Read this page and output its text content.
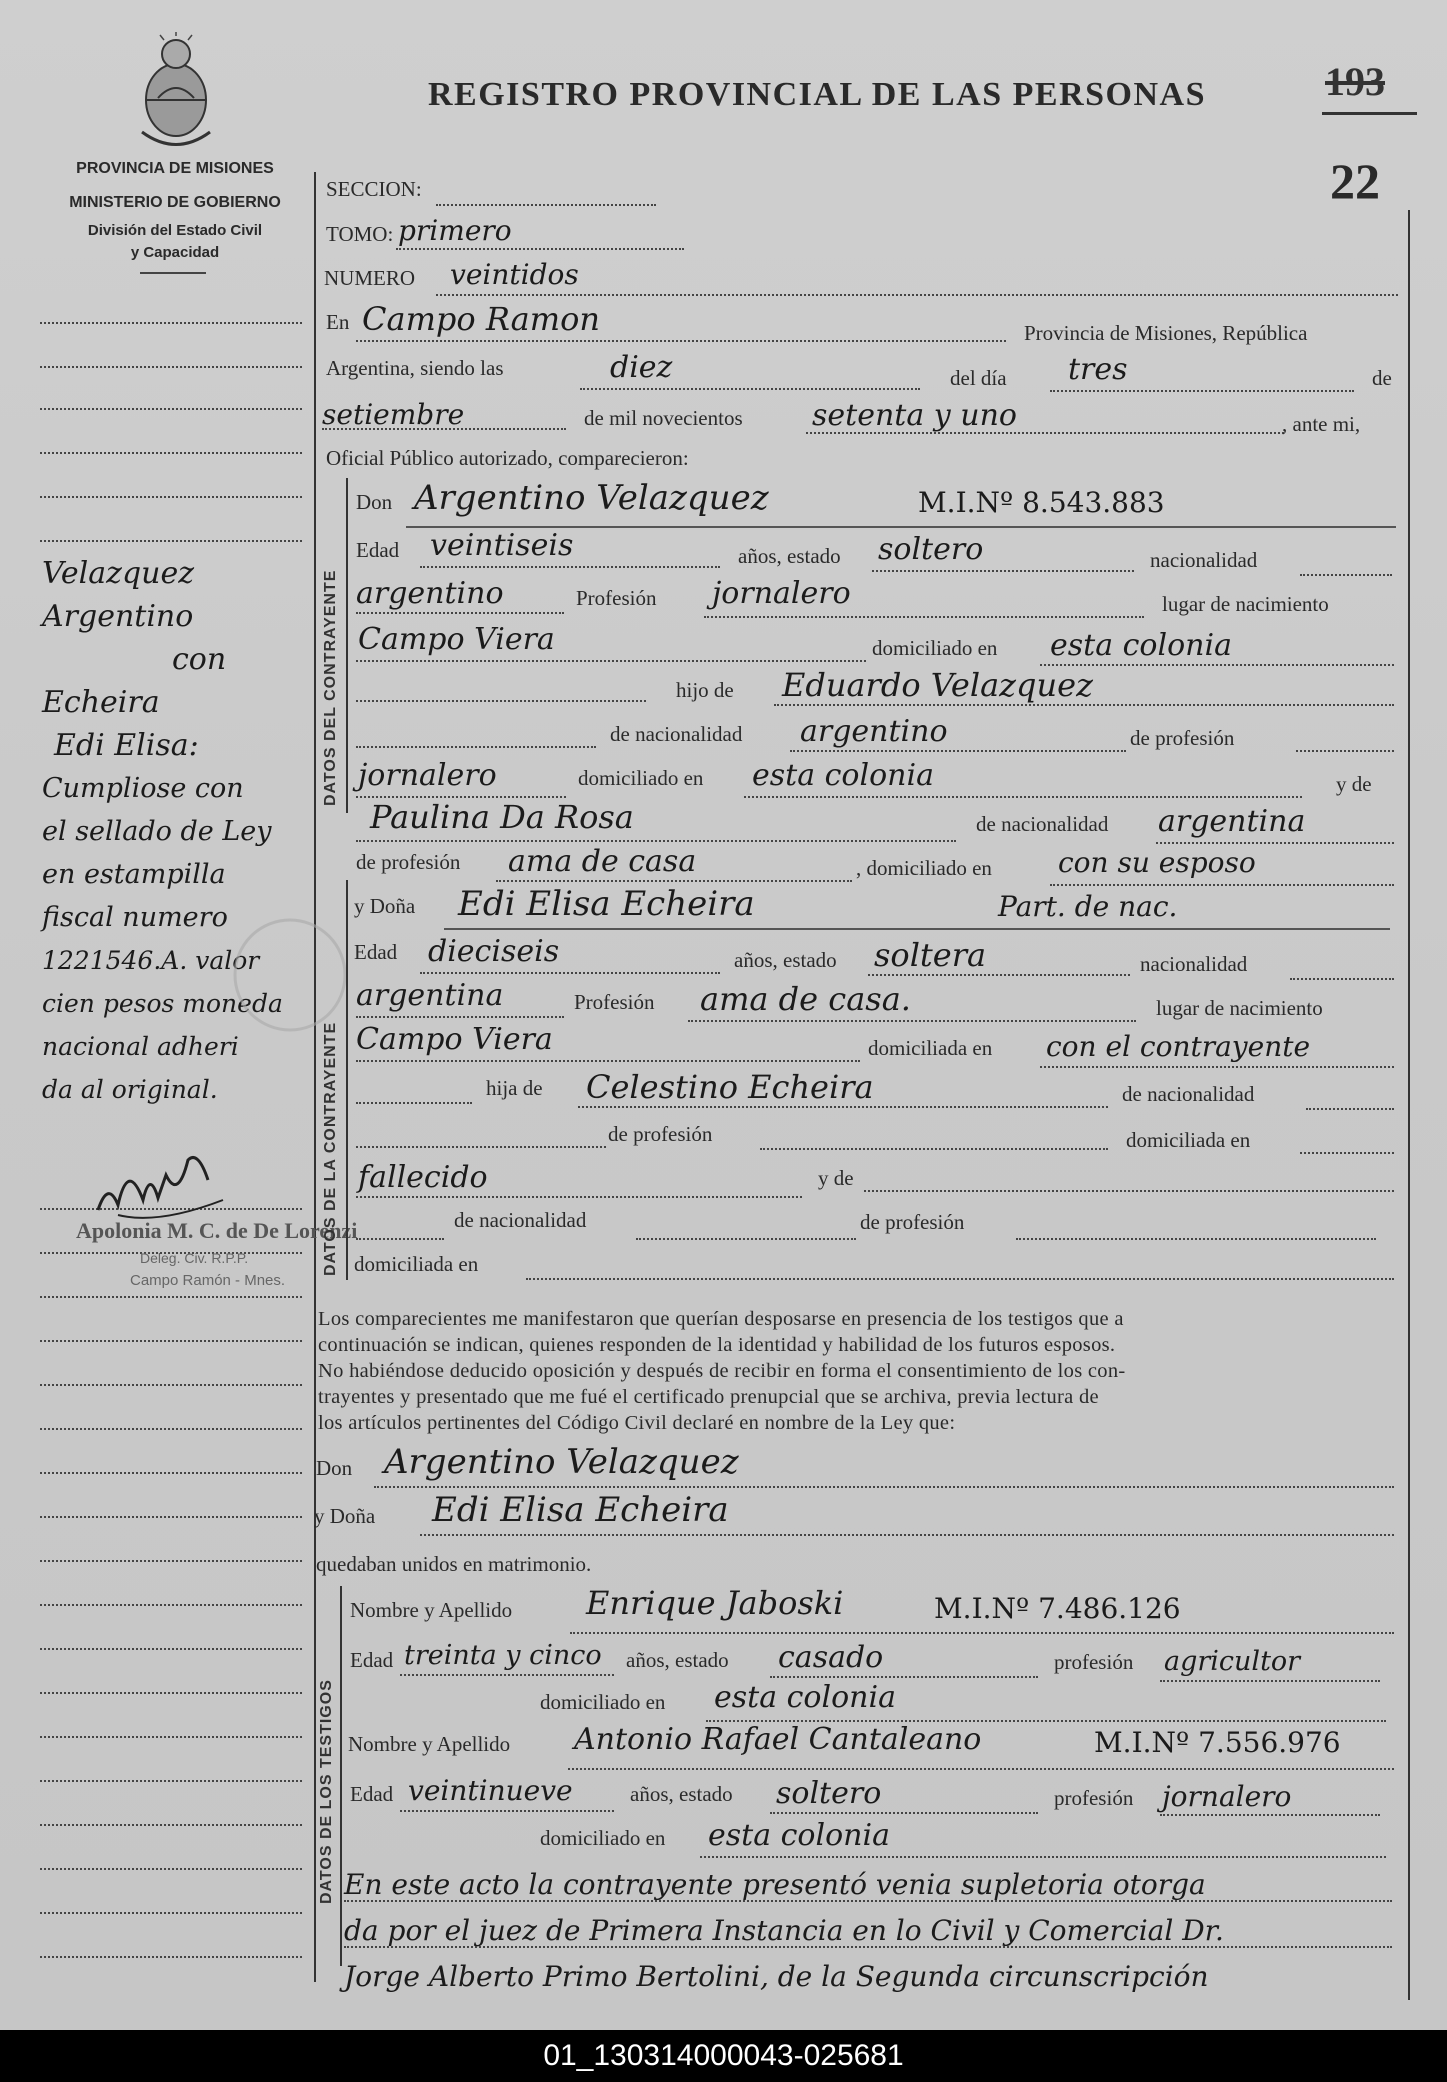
PROVINCIA DE MISIONES
MINISTERIO DE GOBIERNO
División del Estado Civil
y Capacidad
REGISTRO PROVINCIAL DE LAS PERSONAS	193
22
Velazquez
Argentino
con
Echeira
Edi Elisa:
Cumpliose con
el sellado de Ley
en estampilla
fiscal numero
1221546.A. valor
cien pesos moneda
nacional adheri
da al original.
Apolonia M. C. de De Lorenzi
Deleg. Civ. R.P.P.
Campo Ramón - Mnes.
SECCION:
TOMO: primero
NUMERO veintidos
En Campo Ramon	Provincia de Misiones, República
Argentina, siendo las	diez	del día tres	de
setiembre	de mil novecientos setenta y uno	, ante mi,
Oficial Público autorizado, comparecieron:
DATOS DEL CONTRAYENTE
Don Argentino Velazquez	M.I.Nº 8.543.883
Edad veintiseis	años, estado soltero	nacionalidad
argentino	Profesión jornalero	lugar de nacimiento
Campo Viera	domiciliado en esta colonia
hijo de Eduardo Velazquez
de nacionalidad argentino	de profesión
jornalero	domiciliado en esta colonia	y de
Paulina Da Rosa	de nacionalidad argentina
de profesión ama de casa	, domiciliado en con su esposo
DATOS DE LA CONTRAYENTE
y Doña Edi Elisa Echeira	Part. de nac.
Edad dieciseis	años, estado soltera	nacionalidad
argentina	Profesión ama de casa.	lugar de nacimiento
Campo Viera	domiciliada en con el contrayente
hija de Celestino Echeira	de nacionalidad
de profesión	domiciliada en
fallecido	y de
de nacionalidad	de profesión
domiciliada en
Los comparecientes me manifestaron que querían desposarse en presencia de los testigos que a
continuación se indican, quienes responden de la identidad y habilidad de los futuros esposos.
No habiéndose deducido oposición y después de recibir en forma el consentimiento de los con-
trayentes y presentado que me fué el certificado prenupcial que se archiva, previa lectura de
los artículos pertinentes del Código Civil declaré en nombre de la Ley que:
Don Argentino Velazquez
y Doña Edi Elisa Echeira
quedaban unidos en matrimonio.
DATOS DE LOS TESTIGOS
Nombre y Apellido Enrique Jaboski	M.I.Nº 7.486.126
Edad treinta y cinco años, estado casado	profesión agricultor
domiciliado en esta colonia
Nombre y Apellido Antonio Rafael Cantaleano	M.I.Nº 7.556.976
Edad veintinueve	años, estado soltero	profesión jornalero
domiciliado en esta colonia
En este acto la contrayente presentó venia supletoria otorga
da por el juez de Primera Instancia en lo Civil y Comercial Dr.
Jorge Alberto Primo Bertolini, de la Segunda circunscripción
01_130314000043-025681
